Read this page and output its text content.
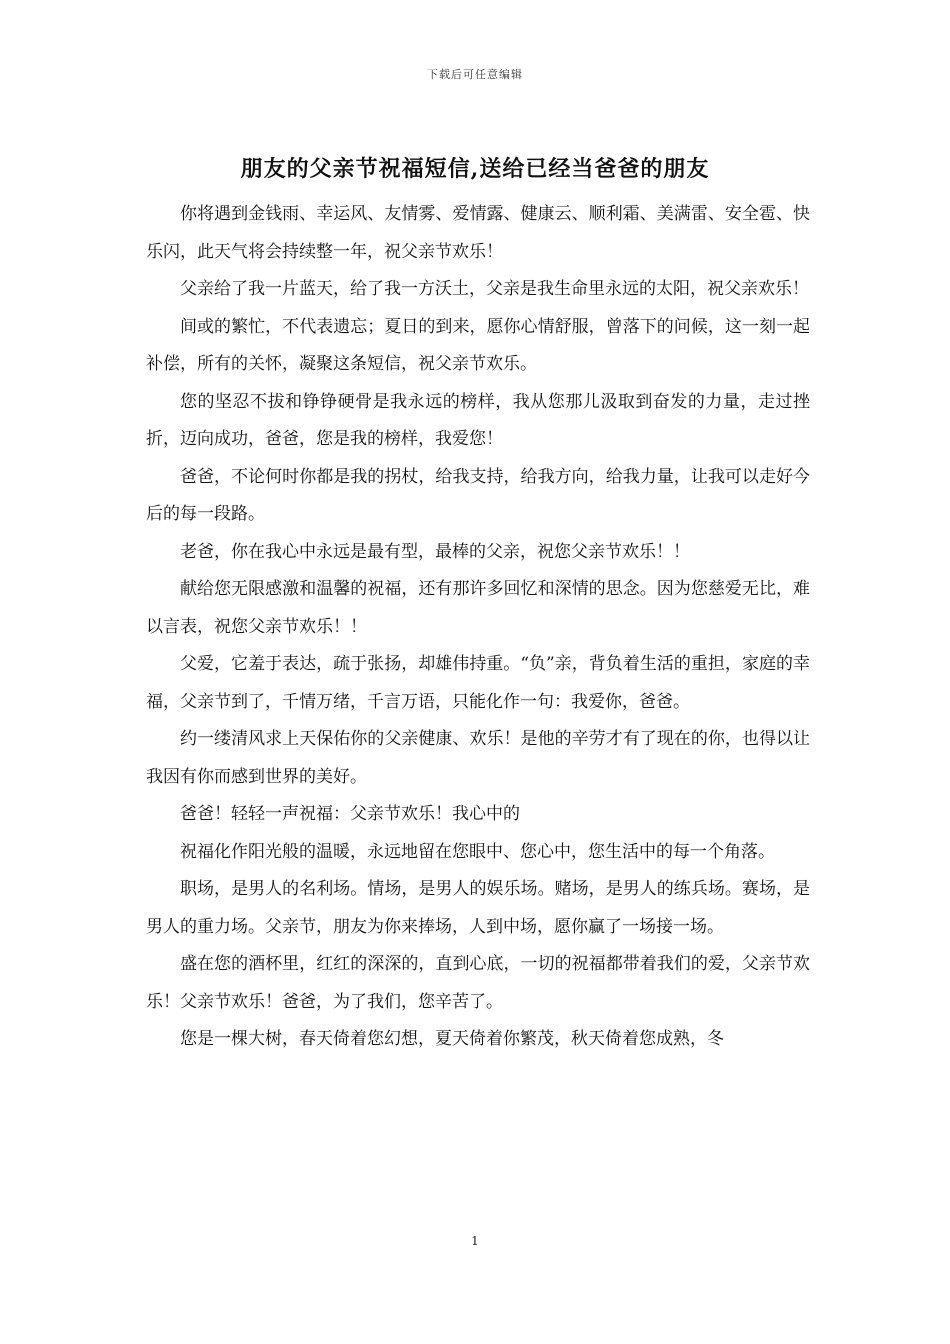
下载后可任意编辑
朋友的父亲节祝福短信,送给已经当爸爸的朋友

你将遇到金钱雨、幸运风、友情雾、爱情露、健康云、顺利霜、美满雷、安全雹、快乐闪，此天气将会持续整一年，祝父亲节欢乐！

父亲给了我一片蓝天，给了我一方沃土，父亲是我生命里永远的太阳，祝父亲欢乐！

间或的繁忙，不代表遗忘；夏日的到来，愿你心情舒服，曾落下的问候，这一刻一起补偿，所有的关怀，凝聚这条短信，祝父亲节欢乐。

您的坚忍不拔和铮铮硬骨是我永远的榜样，我从您那儿汲取到奋发的力量，走过挫折，迈向成功，爸爸，您是我的榜样，我爱您！

爸爸，不论何时你都是我的拐杖，给我支持，给我方向，给我力量，让我可以走好今后的每一段路。

老爸，你在我心中永远是最有型，最棒的父亲，祝您父亲节欢乐！！

献给您无限感激和温馨的祝福，还有那许多回忆和深情的思念。因为您慈爱无比，难以言表，祝您父亲节欢乐！！

父爱，它羞于表达，疏于张扬，却雄伟持重。“负”亲，背负着生活的重担，家庭的幸福，父亲节到了，千情万绪，千言万语，只能化作一句：我爱你，爸爸。

约一缕清风求上天保佑你的父亲健康、欢乐！是他的辛劳才有了现在的你，也得以让我因有你而感到世界的美好。

爸爸！轻轻一声祝福：父亲节欢乐！我心中的

祝福化作阳光般的温暖，永远地留在您眼中、您心中，您生活中的每一个角落。

职场，是男人的名利场。情场，是男人的娱乐场。赌场，是男人的练兵场。赛场，是男人的重力场。父亲节，朋友为你来捧场，人到中场，愿你赢了一场接一场。

盛在您的酒杯里，红红的深深的，直到心底，一切的祝福都带着我们的爱，父亲节欢乐！父亲节欢乐！爸爸，为了我们，您辛苦了。

您是一棵大树，春天倚着您幻想，夏天倚着你繁茂，秋天倚着您成熟，冬

1
